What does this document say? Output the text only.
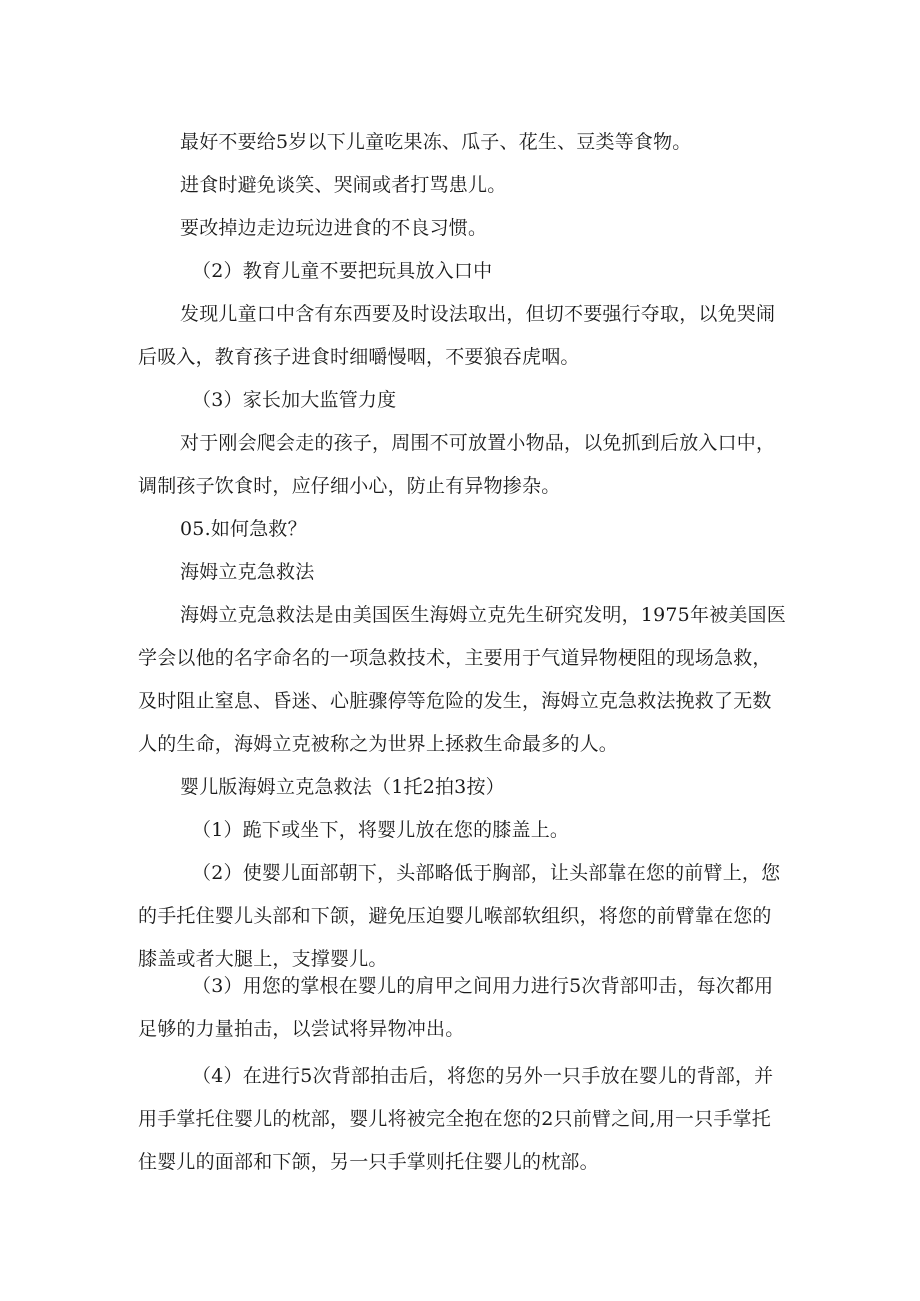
最好不要给5岁以下儿童吃果冻、瓜子、花生、豆类等食物。

进食时避免谈笑、哭闹或者打骂患儿。

要改掉边走边玩边进食的不良习惯。

（2）教育儿童不要把玩具放入口中

发现儿童口中含有东西要及时设法取出，但切不要强行夺取，以免哭闹后吸入，教育孩子进食时细嚼慢咽，不要狼吞虎咽。

（3）家长加大监管力度

对于刚会爬会走的孩子，周围不可放置小物品，以免抓到后放入口中，调制孩子饮食时，应仔细小心，防止有异物掺杂。

05.如何急救？

海姆立克急救法

海姆立克急救法是由美国医生海姆立克先生研究发明，1975年被美国医学会以他的名字命名的一项急救技术，主要用于气道异物梗阻的现场急救，及时阻止窒息、昏迷、心脏骤停等危险的发生，海姆立克急救法挽救了无数人的生命，海姆立克被称之为世界上拯救生命最多的人。

婴儿版海姆立克急救法（1托2拍3按）

（1）跪下或坐下，将婴儿放在您的膝盖上。

（2）使婴儿面部朝下，头部略低于胸部，让头部靠在您的前臂上，您的手托住婴儿头部和下颌，避免压迫婴儿喉部软组织，将您的前臂靠在您的膝盖或者大腿上，支撑婴儿。

（3）用您的掌根在婴儿的肩甲之间用力进行5次背部叩击，每次都用足够的力量拍击，以尝试将异物冲出。

（4）在进行5次背部拍击后，将您的另外一只手放在婴儿的背部，并用手掌托住婴儿的枕部，婴儿将被完全抱在您的2只前臂之间,用一只手掌托住婴儿的面部和下颌，另一只手掌则托住婴儿的枕部。
